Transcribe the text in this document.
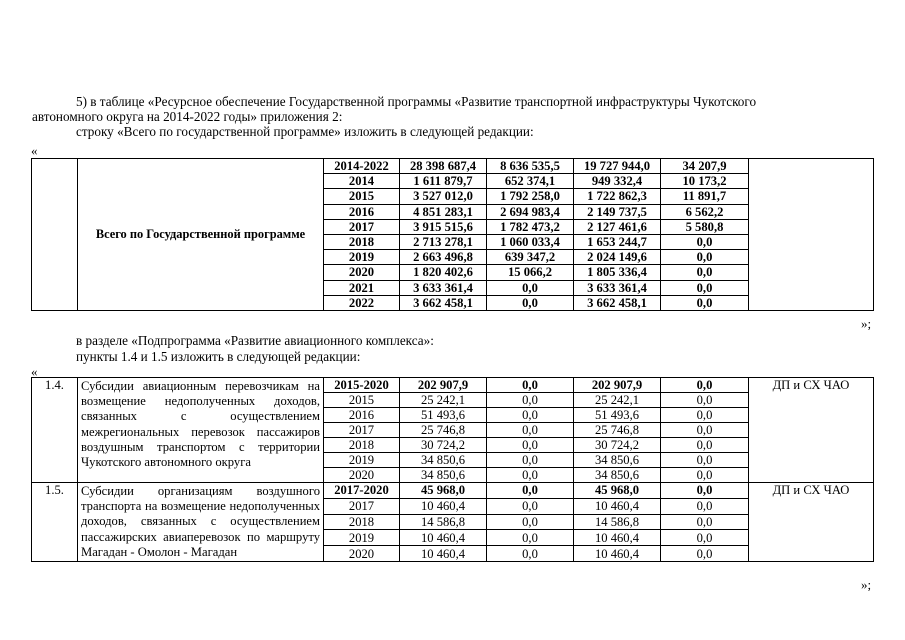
5) в таблице «Ресурсное обеспечение Государственной программы «Развитие транспортной инфраструктуры Чукотского
автономного округа на 2014-2022 годы» приложения 2:
строку «Всего по государственной программе» изложить в следующей редакции:
«
	Всего по Государственной программе	2014-2022	28 398 687,4	8 636 535,5	19 727 944,0	34 207,9	
		2014	1 611 879,7	652 374,1	949 332,4	10 173,2	
		2015	3 527 012,0	1 792 258,0	1 722 862,3	11 891,7	
		2016	4 851 283,1	2 694 983,4	2 149 737,5	6 562,2	
		2017	3 915 515,6	1 782 473,2	2 127 461,6	5 580,8	
		2018	2 713 278,1	1 060 033,4	1 653 244,7	0,0	
		2019	2 663 496,8	639 347,2	2 024 149,6	0,0	
		2020	1 820 402,6	15 066,2	1 805 336,4	0,0	
		2021	3 633 361,4	0,0	3 633 361,4	0,0	
		2022	3 662 458,1	0,0	3 662 458,1	0,0	
»;
в разделе «Подпрограмма «Развитие авиационного комплекса»:
пункты 1.4 и 1.5 изложить в следующей редакции:
«
1.4.	Субсидии авиационным перевозчикам на возмещение недополученных доходов, связанных с осуществлением межрегиональных перевозок пассажиров воздушным транспортом с территории Чукотского автономного округа	2015-2020	202 907,9	0,0	202 907,9	0,0	ДП и СХ ЧАО
		2015	25 242,1	0,0	25 242,1	0,0	
		2016	51 493,6	0,0	51 493,6	0,0	
		2017	25 746,8	0,0	25 746,8	0,0	
		2018	30 724,2	0,0	30 724,2	0,0	
		2019	34 850,6	0,0	34 850,6	0,0	
		2020	34 850,6	0,0	34 850,6	0,0	
1.5.	Субсидии организациям воздушного транспорта на возмещение недополученных доходов, связанных с осуществлением пассажирских авиаперевозок по маршруту Магадан - Омолон - Магадан	2017-2020	45 968,0	0,0	45 968,0	0,0	ДП и СХ ЧАО
		2017	10 460,4	0,0	10 460,4	0,0	
		2018	14 586,8	0,0	14 586,8	0,0	
		2019	10 460,4	0,0	10 460,4	0,0	
		2020	10 460,4	0,0	10 460,4	0,0	
»;
